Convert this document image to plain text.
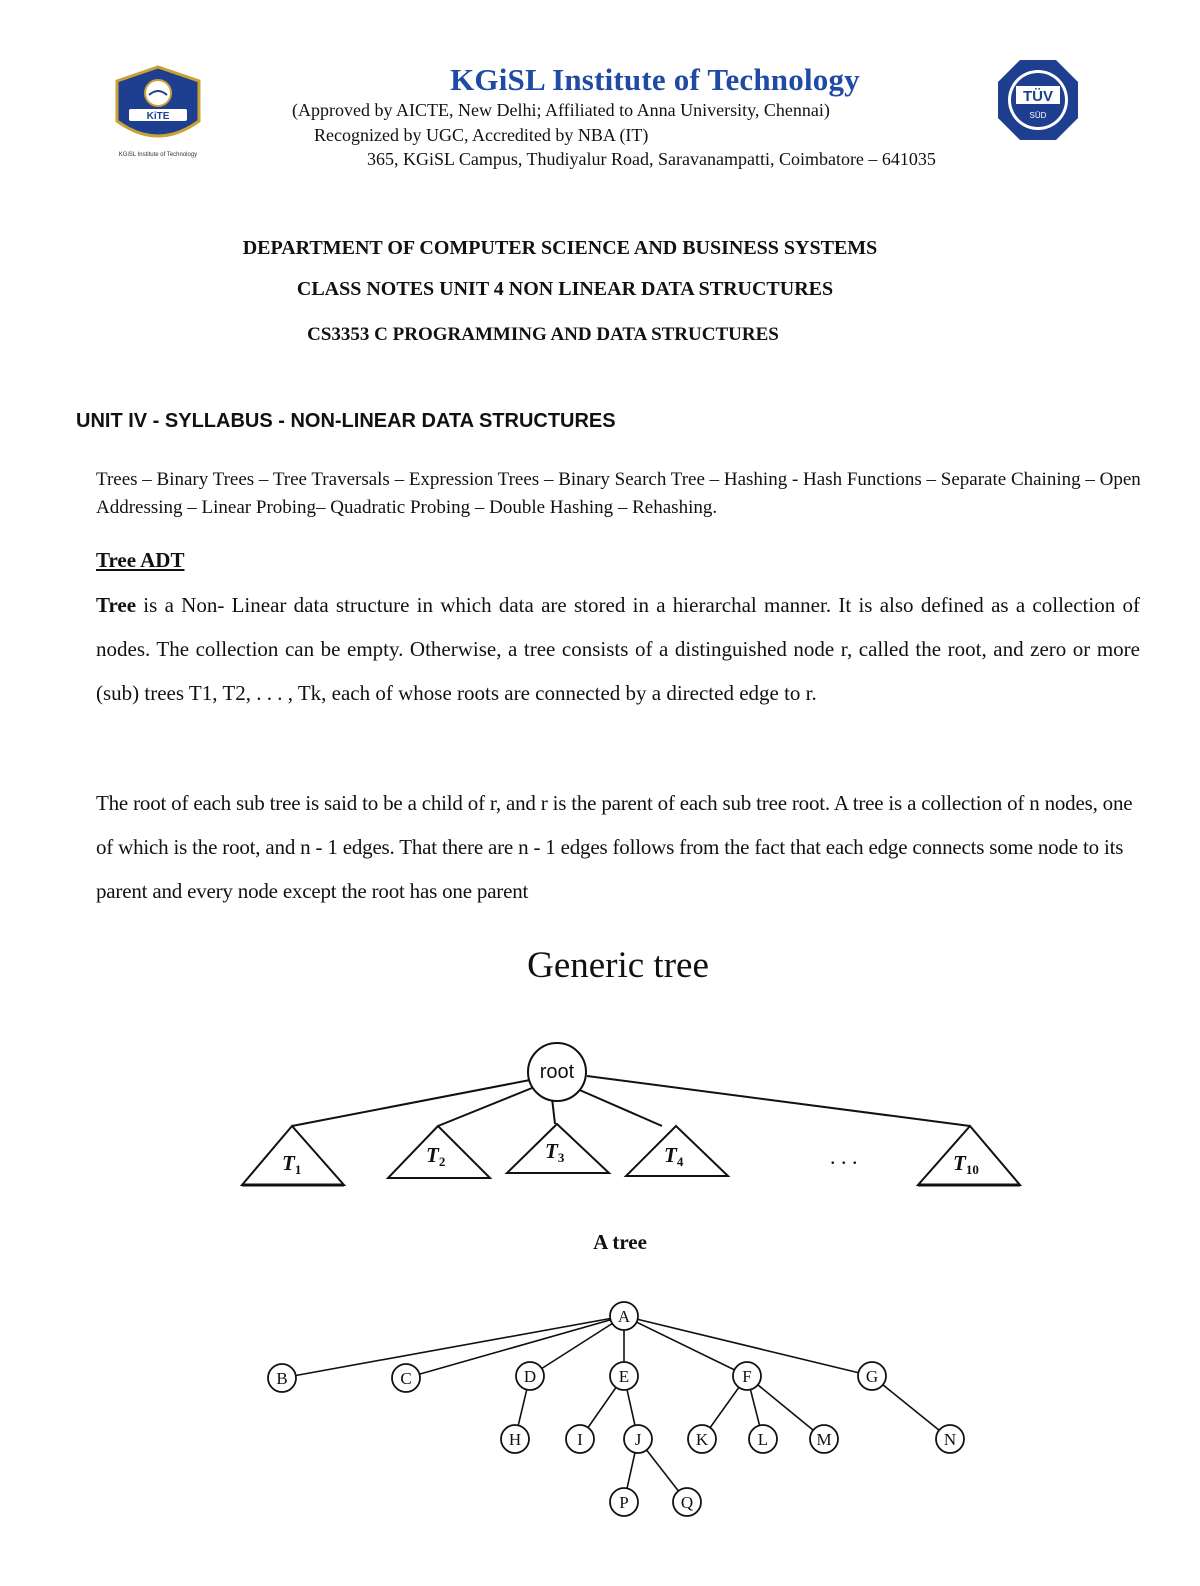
KiTE
KGiSL Institute of Technology
TÜV
SÜD
KGiSL Institute of Technology
(Approved by AICTE, New Delhi; Affiliated to Anna University, Chennai)
Recognized by UGC, Accredited by NBA (IT)
365, KGiSL Campus, Thudiyalur Road, Saravanampatti, Coimbatore – 641035
DEPARTMENT OF COMPUTER SCIENCE AND BUSINESS SYSTEMS
CLASS NOTES UNIT 4 NON LINEAR DATA STRUCTURES
CS3353 C PROGRAMMING AND DATA STRUCTURES
UNIT IV - SYLLABUS - NON-LINEAR DATA STRUCTURES
Trees – Binary Trees – Tree Traversals – Expression Trees – Binary Search Tree – Hashing - Hash Functions – Separate Chaining – Open Addressing – Linear Probing– Quadratic Probing – Double Hashing – Rehashing.
Tree ADT
Tree is a Non- Linear data structure in which data are stored in a hierarchal manner. It is also defined as a collection of nodes. The collection can be empty. Otherwise, a tree consists of a distinguished node r, called the root, and zero or more (sub) trees T1, T2, . . . , Tk, each of whose roots are connected by a directed edge to r.
The root of each sub tree is said to be a child of r, and r is the parent of each sub tree root. A tree is a collection of n nodes, one of which is the root, and n - 1 edges. That there are n - 1 edges follows from the fact that each edge connects some node to its parent and every node except the root has one parent
Generic tree
root
T1
T2	T3	T4	T10
. . .
A tree
A
B	C	D	E	F	G
H	I	J	K	L	M	N
P	Q
